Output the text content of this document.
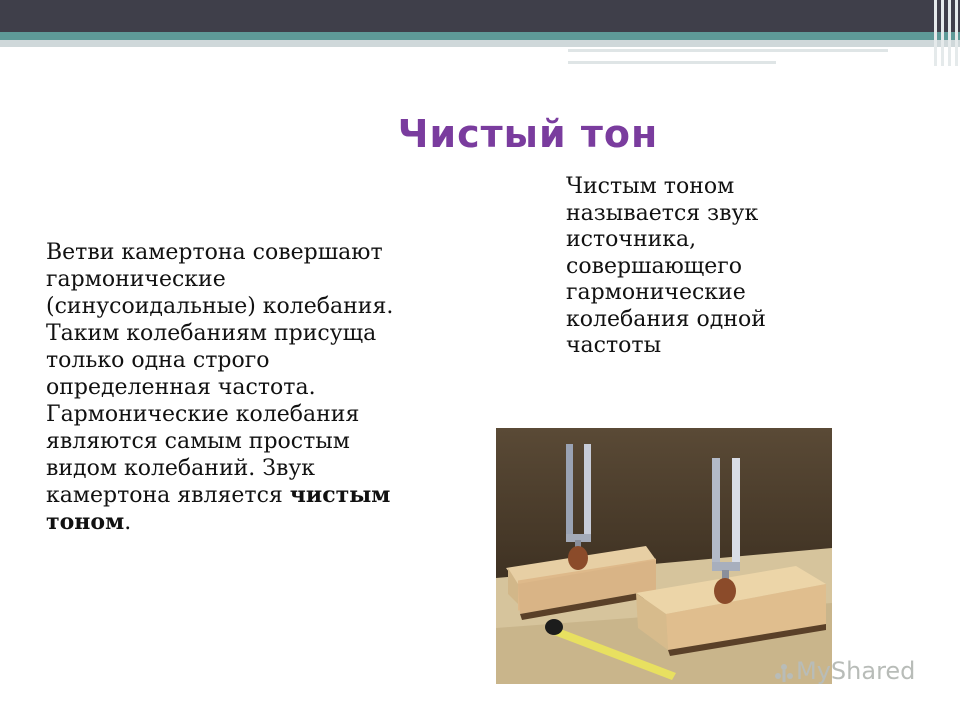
Чистый тон

Чистым тоном называется звук источника, совершающего гармонические колебания одной частоты

Ветви камертона совершают гармонические (синусоидальные) колебания. Таким колебаниям присуща только одна строго определенная частота. Гармонические колебания являются самым простым видом колебаний. Звук камертона является чистым тоном.

MyShared
